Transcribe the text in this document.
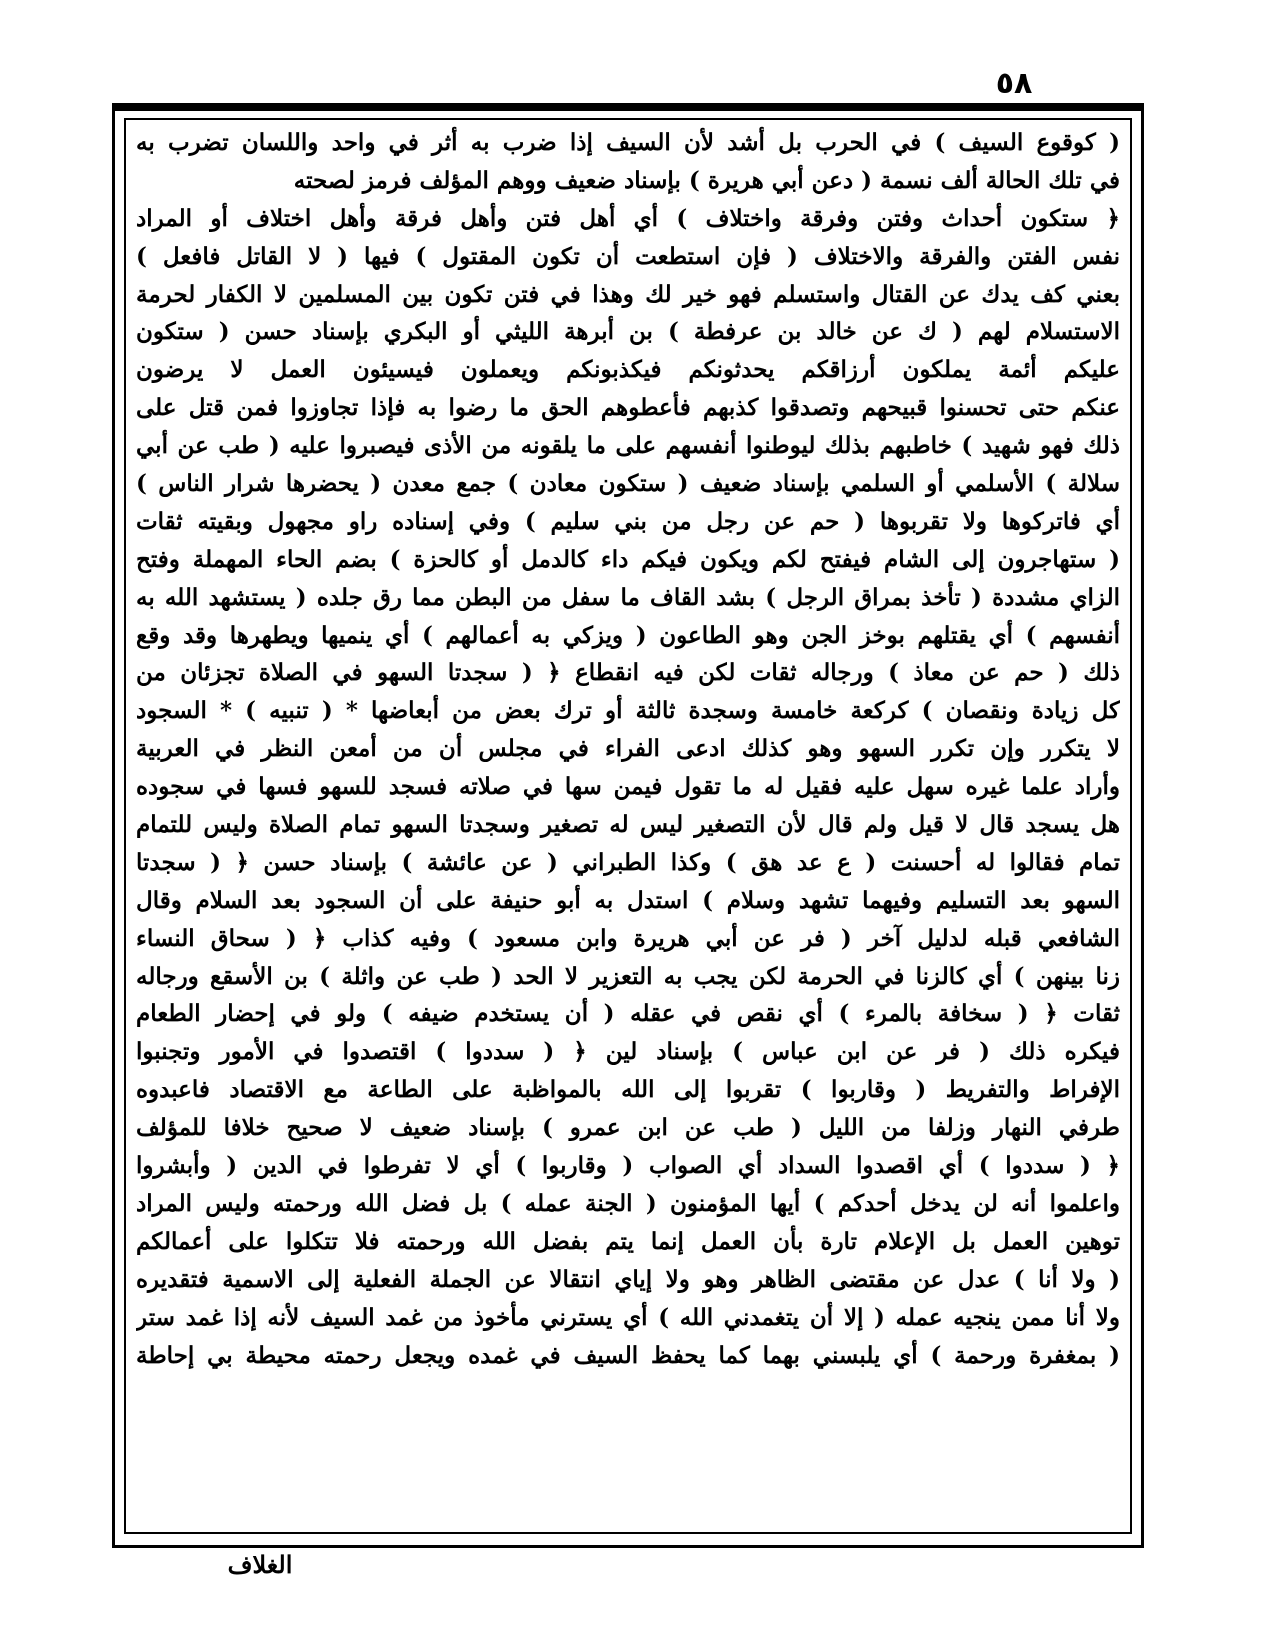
٥٨
( كوقوع السيف ) في الحرب بل أشد لأن السيف إذا ضرب به أثر في واحد واللسان تضرب به
في تلك الحالة ألف نسمة ( دعن أبي هريرة ) بإسناد ضعيف ووهم المؤلف فرمز لصحته
﴿ ستكون أحداث وفتن وفرقة واختلاف ) أي أهل فتن وأهل فرقة وأهل اختلاف أو المراد
نفس الفتن والفرقة والاختلاف ( فإن استطعت أن تكون المقتول ) فيها ( لا القاتل فافعل )
بعني كف يدك عن القتال واستسلم فهو خير لك وهذا في فتن تكون بين المسلمين لا الكفار لحرمة
الاستسلام لهم ( ك عن خالد بن عرفطة ) بن أبرهة الليثي أو البكري بإسناد حسن ( ستكون
عليكم أئمة يملكون أرزاقكم يحدثونكم فيكذبونكم ويعملون فيسيئون العمل لا يرضون
عنكم حتى تحسنوا قبيحهم وتصدقوا كذبهم فأعطوهم الحق ما رضوا به فإذا تجاوزوا فمن قتل على
ذلك فهو شهيد ) خاطبهم بذلك ليوطنوا أنفسهم على ما يلقونه من الأذى فيصبروا عليه ( طب عن أبي
سلالة ) الأسلمي أو السلمي بإسناد ضعيف ( ستكون معادن ) جمع معدن ( يحضرها شرار الناس )
أي فاتركوها ولا تقربوها ( حم عن رجل من بني سليم ) وفي إسناده راو مجهول وبقيته ثقات
( ستهاجرون إلى الشام فيفتح لكم ويكون فيكم داء كالدمل أو كالحزة ) بضم الحاء المهملة وفتح
الزاي مشددة ( تأخذ بمراق الرجل ) بشد القاف ما سفل من البطن مما رق جلده ( يستشهد الله به
أنفسهم ) أي يقتلهم بوخز الجن وهو الطاعون ( ويزكي به أعمالهم ) أي ينميها ويطهرها وقد وقع
ذلك ( حم عن معاذ ) ورجاله ثقات لكن فيه انقطاع ﴿ ( سجدتا السهو في الصلاة تجزئان من
كل زيادة ونقصان ) كركعة خامسة وسجدة ثالثة أو ترك بعض من أبعاضها * ( تنبيه ) * السجود
لا يتكرر وإن تكرر السهو وهو كذلك ادعى الفراء في مجلس أن من أمعن النظر في العربية
وأراد علما غيره سهل عليه فقيل له ما تقول فيمن سها في صلاته فسجد للسهو فسها في سجوده
هل يسجد قال لا قيل ولم قال لأن التصغير ليس له تصغير وسجدتا السهو تمام الصلاة وليس للتمام
تمام فقالوا له أحسنت ( ع عد هق ) وكذا الطبراني ( عن عائشة ) بإسناد حسن ﴿ ( سجدتا
السهو بعد التسليم وفيهما تشهد وسلام ) استدل به أبو حنيفة على أن السجود بعد السلام وقال
الشافعي قبله لدليل آخر ( فر عن أبي هريرة وابن مسعود ) وفيه كذاب ﴿ ( سحاق النساء
زنا بينهن ) أي كالزنا في الحرمة لكن يجب به التعزير لا الحد ( طب عن واثلة ) بن الأسقع ورجاله
ثقات ﴿ ( سخافة بالمرء ) أي نقص في عقله ( أن يستخدم ضيفه ) ولو في إحضار الطعام
فيكره ذلك ( فر عن ابن عباس ) بإسناد لين ﴿ ( سددوا ) اقتصدوا في الأمور وتجنبوا
الإفراط والتفريط ( وقاربوا ) تقربوا إلى الله بالمواظبة على الطاعة مع الاقتصاد فاعبدوه
طرفي النهار وزلفا من الليل ( طب عن ابن عمرو ) بإسناد ضعيف لا صحيح خلافا للمؤلف
﴿ ( سددوا ) أي اقصدوا السداد أي الصواب ( وقاربوا ) أي لا تفرطوا في الدين ( وأبشروا
واعلموا أنه لن يدخل أحدكم ) أيها المؤمنون ( الجنة عمله ) بل فضل الله ورحمته وليس المراد
توهين العمل بل الإعلام تارة بأن العمل إنما يتم بفضل الله ورحمته فلا تتكلوا على أعمالكم
( ولا أنا ) عدل عن مقتضى الظاهر وهو ولا إياي انتقالا عن الجملة الفعلية إلى الاسمية فتقديره
ولا أنا ممن ينجيه عمله ( إلا أن يتغمدني الله ) أي يسترني مأخوذ من غمد السيف لأنه إذا غمد ستر
( بمغفرة ورحمة ) أي يلبسني بهما كما يحفظ السيف في غمده ويجعل رحمته محيطة بي إحاطة
الغلاف
